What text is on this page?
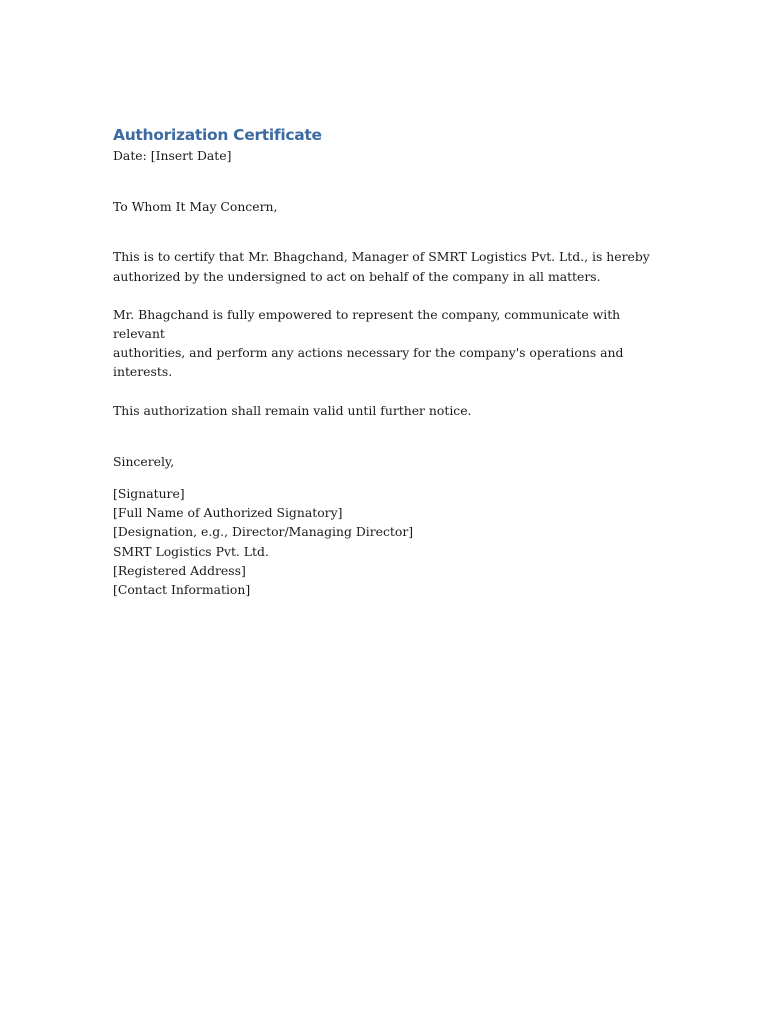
Authorization Certificate
Date: [Insert Date]
To Whom It May Concern,
This is to certify that Mr. Bhagchand, Manager of SMRT Logistics Pvt. Ltd., is hereby
authorized by the undersigned to act on behalf of the company in all matters.
Mr. Bhagchand is fully empowered to represent the company, communicate with relevant
authorities, and perform any actions necessary for the company's operations and interests.
This authorization shall remain valid until further notice.
Sincerely,
[Signature]
[Full Name of Authorized Signatory]
[Designation, e.g., Director/Managing Director]
SMRT Logistics Pvt. Ltd.
[Registered Address]
[Contact Information]
